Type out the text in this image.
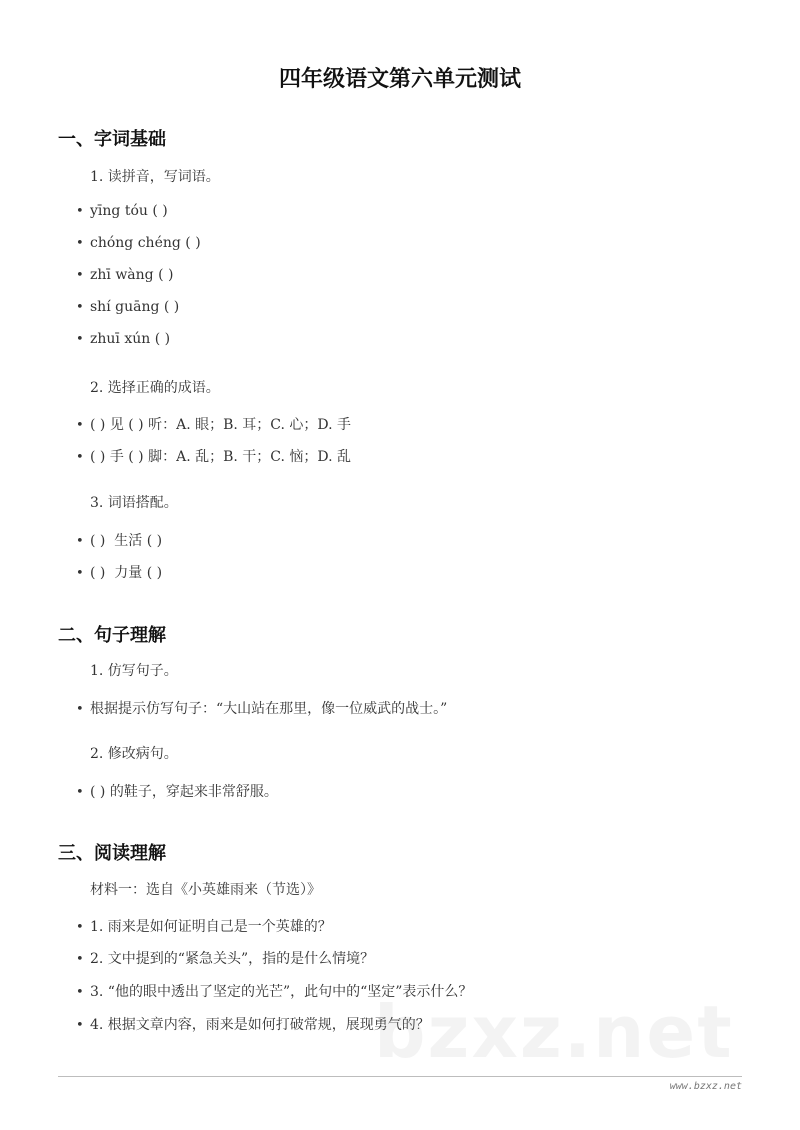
四年级语文第六单元测试
一、字词基础
1. 读拼音，写词语。
• yīng tóu ( )
• chóng chéng ( )
• zhī wàng ( )
• shí guāng ( )
• zhuī xún ( )
2. 选择正确的成语。
• ( ) 见 ( ) 听：A. 眼；B. 耳；C. 心；D. 手
• ( ) 手 ( ) 脚：A. 乱；B. 干；C. 恼；D. 乱
3. 词语搭配。
• ( )  生活 ( )
• ( )  力量 ( )
二、句子理解
1. 仿写句子。
• 根据提示仿写句子：“大山站在那里，像一位威武的战士。”
2. 修改病句。
• ( ) 的鞋子，穿起来非常舒服。
三、阅读理解
材料一：选自《小英雄雨来（节选）》
• 1. 雨来是如何证明自己是一个英雄的？
• 2. 文中提到的“紧急关头”，指的是什么情境？
• 3. “他的眼中透出了坚定的光芒”，此句中的“坚定”表示什么？
• 4. 根据文章内容，雨来是如何打破常规，展现勇气的？
bzxz.net
www.bzxz.net
